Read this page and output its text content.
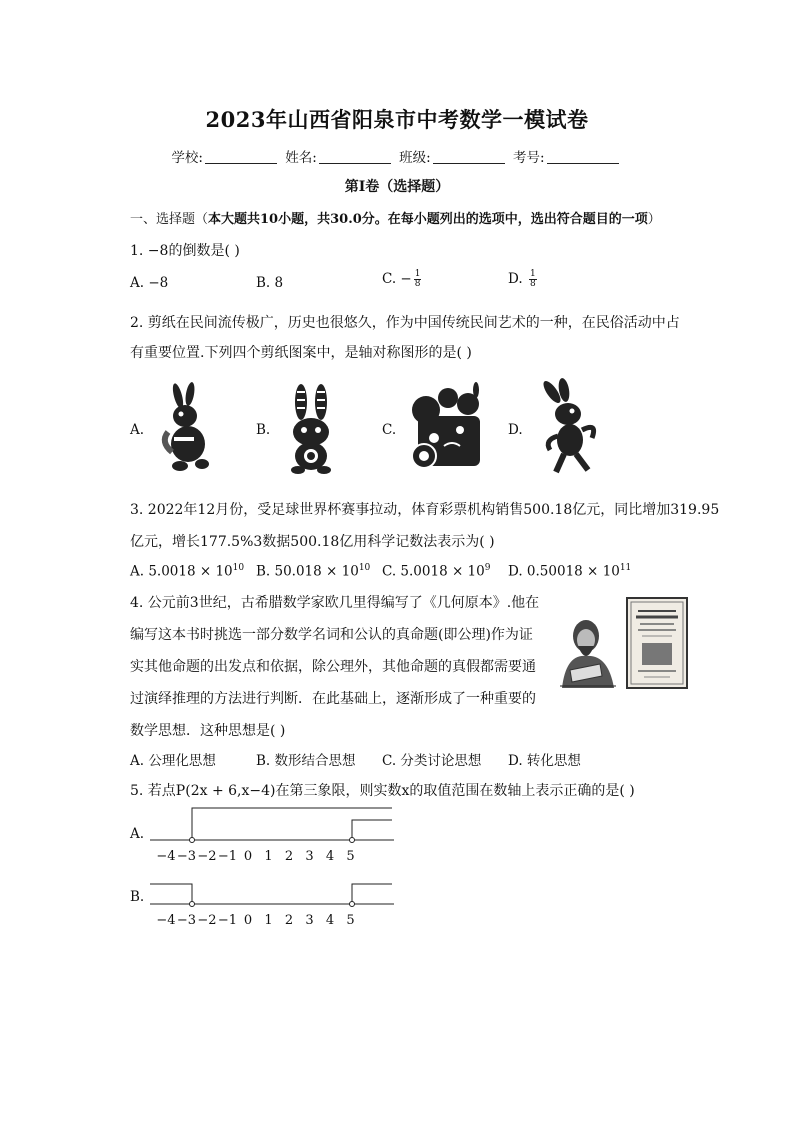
2023年山西省阳泉市中考数学一模试卷
学校:	姓名:	班级:	考号:
第I卷（选择题）
一、选择题（本大题共10小题，共30.0分。在每小题列出的选项中，选出符合题目的一项）
1. −8的倒数是( )
A. −8	B. 8	C. − $\frac{1}{8}$	D. $\frac{1}{8}$
2. 剪纸在民间流传极广，历史也很悠久，作为中国传统民间艺术的一种，在民俗活动中占
有重要位置.下列四个剪纸图案中，是轴对称图形的是( )
A.	B.	C.	D.
3. 2022年12月份，受足球世界杯赛事拉动，体育彩票机构销售500.18亿元，同比增加319.95
亿元，增长177.5%3数据500.18亿用科学记数法表示为( )
A. $5.0018 \times 10^{10}$ B. $50.018 \times 10^{10}$ C. $5.0018 \times 10^9$ D. $0.50018 \times 10^{11}$
4. 公元前3世纪，古希腊数学家欧几里得编写了《几何原本》.他在
编写这本书时挑选一部分数学名词和公认的真命题(即公理)作为证
实其他命题的出发点和依据，除公理外，其他命题的真假都需要通
过演绎推理的方法进行判断．在此基础上，逐渐形成了一种重要的
数学思想．这种思想是( )
A. 公理化思想	B. 数形结合思想 C. 分类讨论思想 D. 转化思想
5. 若点P(2x + 6,x−4)在第三象限，则实数x的取值范围在数轴上表示正确的是( )
A.
B.
−4 −3 −2 −1 0 1 2 3 4 5
−4 −3 −2 −1 0 1 2 3 4 5
